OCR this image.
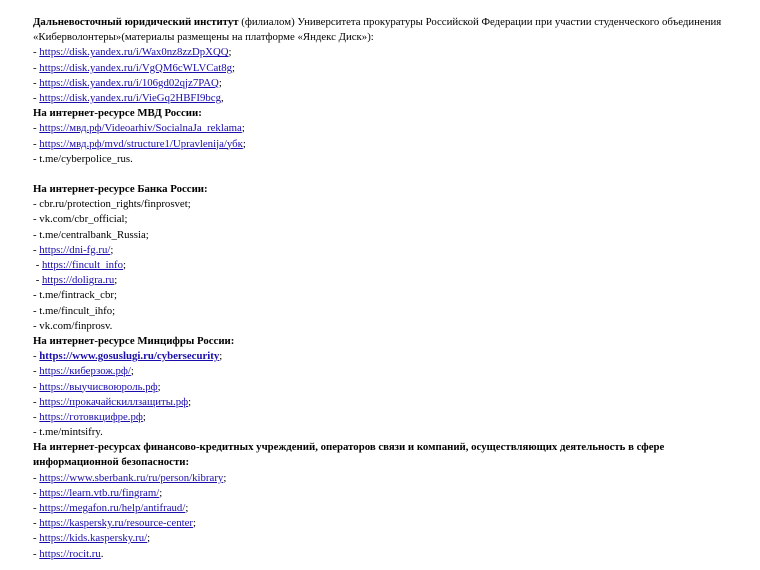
Дальневосточный юридический институт (филиалом) Университета прокуратуры Российской Федерации при участии студенческого объединения «Киберволонтеры»(материалы размещены на платформе «Яндекс Диск»):
- https://disk.yandex.ru/i/Wax0nz8zzDpXQQ;
- https://disk.yandex.ru/i/VgQM6cWLVCat8g;
- https://disk.yandex.ru/i/106gd02qjz7PAQ;
- https://disk.yandex.ru/i/VieGq2HBFI9bcg,
На интернет-ресурсе МВД России:
- https://мвд.рф/Videoarhiv/SocialnaJa_reklama;
- https://мвд.рф/mvd/structure1/Upravlenija/убк;
- t.me/cyberpolice_rus.
На интернет-ресурсе Банка России:
- cbr.ru/protection_rights/finprosvet;
- vk.com/cbr_official;
- t.me/centralbank_Russia;
- https://dni-fg.ru/;
- https://fincult_info;
- https://doligra.ru;
- t.me/fintrack_cbr;
- t.me/fincult_ihfo;
- vk.com/finprosv.
На интернет-ресурсе Минцифры России:
- https://www.gosuslugi.ru/cybersecurity;
- https://киберзож.рф/;
- https://выучисвоюроль.рф;
- https://прокачайскиллзащиты.рф;
- https://готовкцифре.рф;
- t.me/mintsifry.
На интернет-ресурсах финансово-кредитных учреждений, операторов связи и компаний, осуществляющих деятельность в сфере информационной безопасности:
- https://www.sberbank.ru/ru/person/kibrary;
- https://learn.vtb.ru/fingram/;
- https://megafon.ru/help/antifraud/;
- https://kaspersky.ru/resource-center;
- https://kids.kaspersky.ru/;
- https://rocit.ru.
